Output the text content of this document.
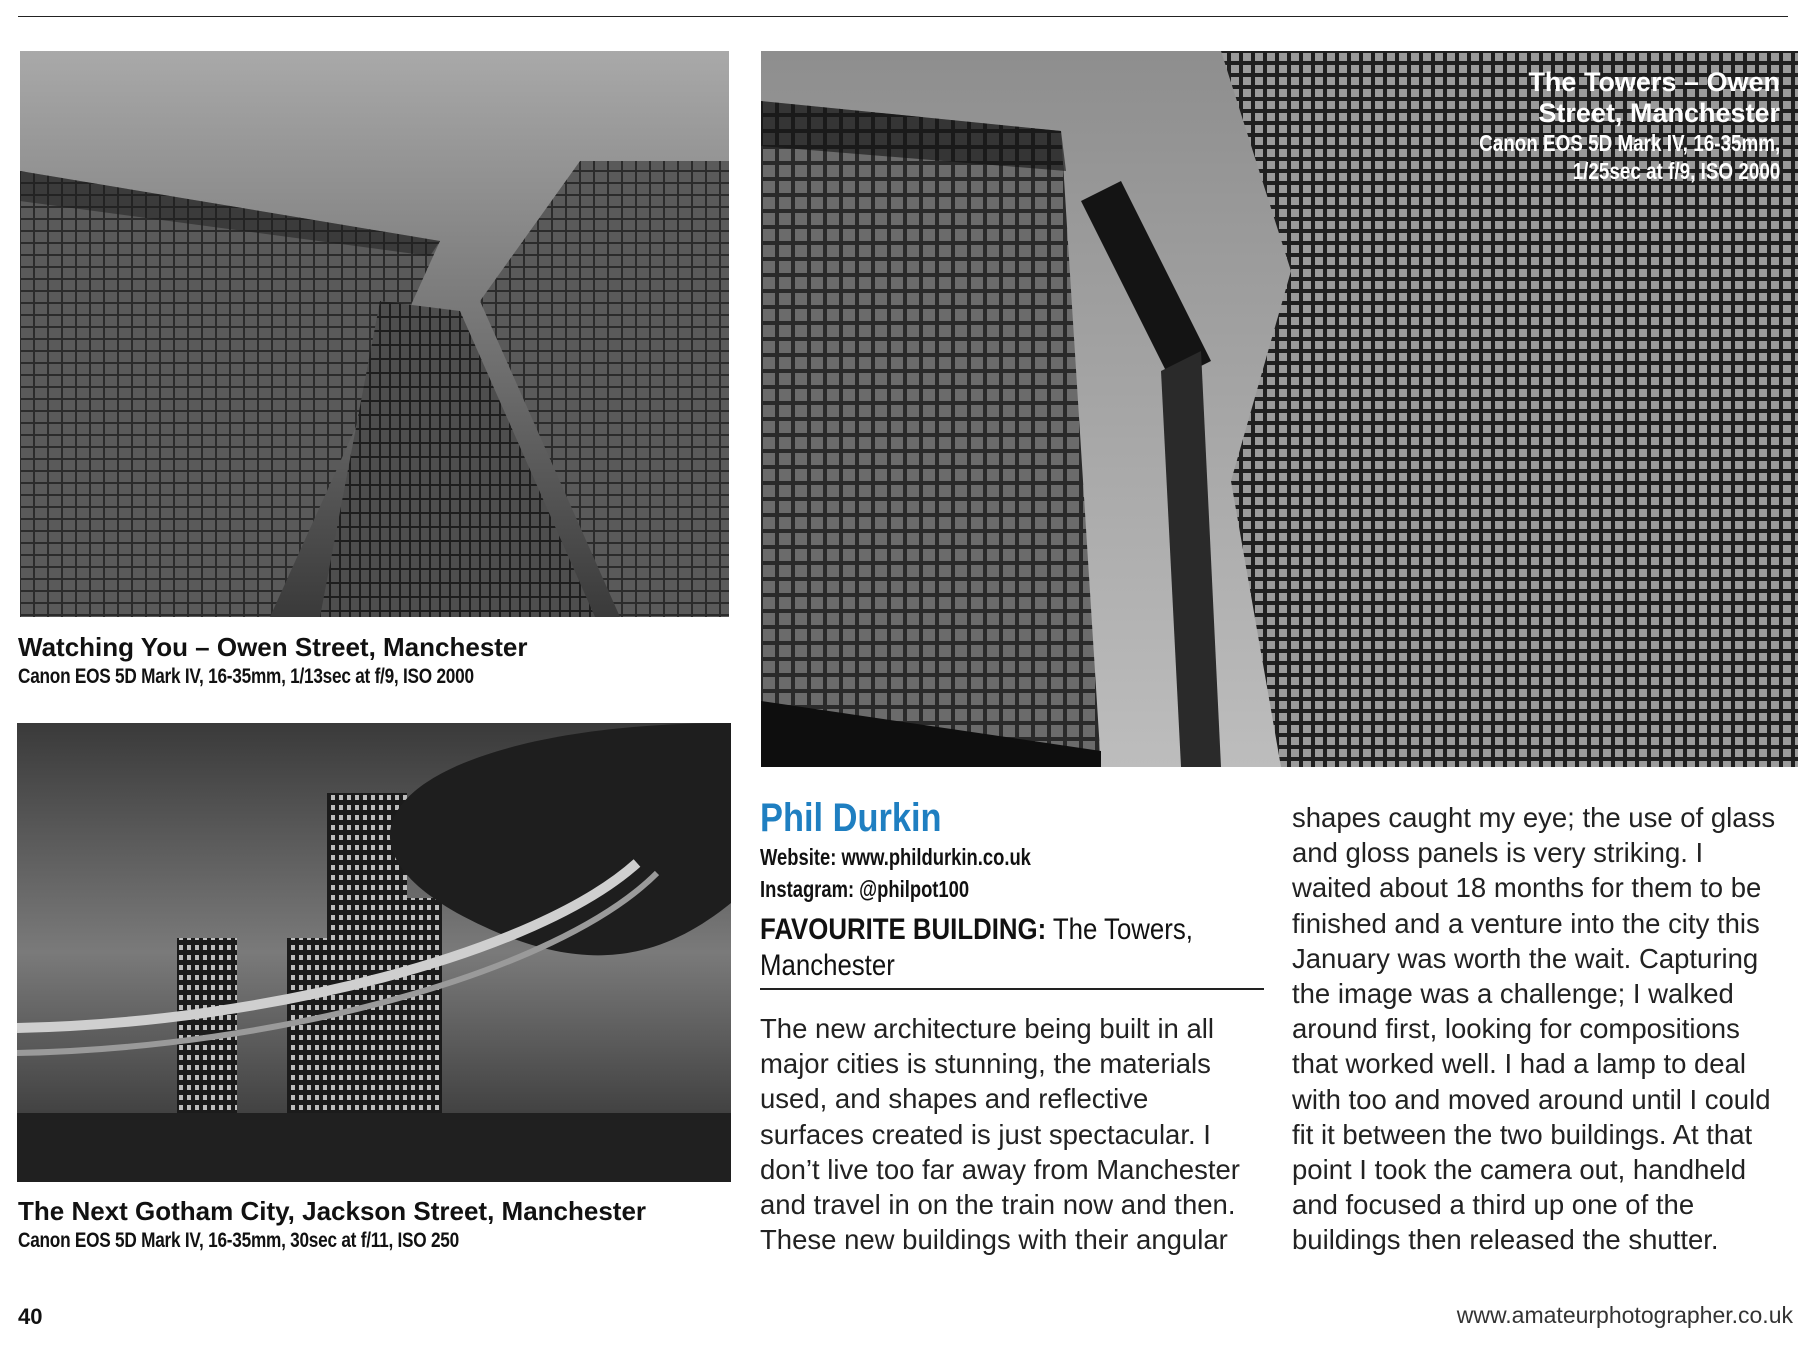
Watching You – Owen Street, Manchester
Canon EOS 5D Mark IV, 16-35mm, 1/13sec at f/9, ISO 2000
The Next Gotham City, Jackson Street, Manchester
Canon EOS 5D Mark IV, 16-35mm, 30sec at f/11, ISO 250
The Towers – Owen
Street, Manchester
Canon EOS 5D Mark IV, 16-35mm,
1/25sec at f/9, ISO 2000
Phil Durkin
Website: www.phildurkin.co.uk
Instagram: @philpot100
FAVOURITE BUILDING: The Towers,
Manchester
The new architecture being built in all
major cities is stunning, the materials
used, and shapes and reflective
surfaces created is just spectacular. I
don’t live too far away from Manchester
and travel in on the train now and then.
These new buildings with their angular
shapes caught my eye; the use of glass
and gloss panels is very striking. I
waited about 18 months for them to be
finished and a venture into the city this
January was worth the wait. Capturing
the image was a challenge; I walked
around first, looking for compositions
that worked well. I had a lamp to deal
with too and moved around until I could
fit it between the two buildings. At that
point I took the camera out, handheld
and focused a third up one of the
buildings then released the shutter.
40	www.amateurphotographer.co.uk
